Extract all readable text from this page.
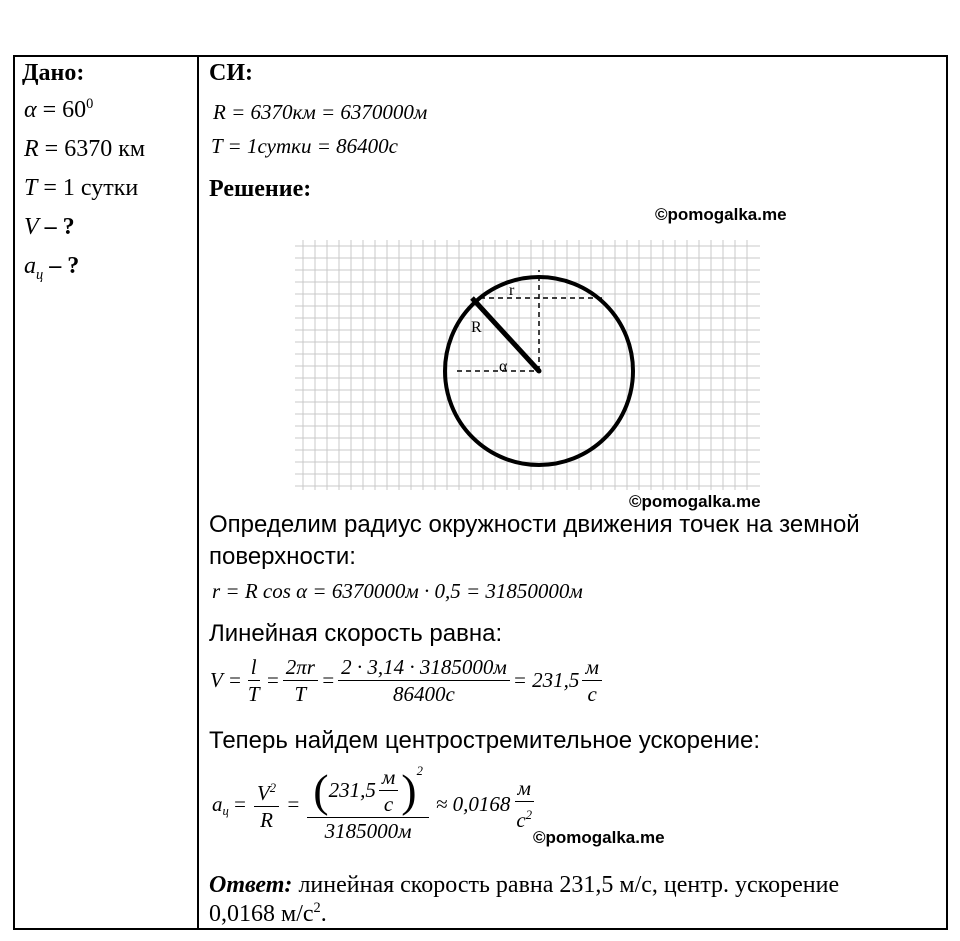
Дано:
$\alpha = 60^0$
R = 6370 км
T = 1 сутки
V – ?
$a_ц$ – ?
СИ:
R = 6370км = 6370000м
T = 1сутки = 86400с
Решение:
©pomogalka.me
r
R
α
©pomogalka.me
Определим радиус окружности движения точек на земной
поверхности:
r = R cos α = 6370000м · 0,5 = 31850000м
Линейная скорость равна:
$V = \frac{l}{T} = \frac{2\pi r}{T} = \frac{2 \cdot 3,14 \cdot 3185000м}{86400с} = 231,5 \frac{м}{с}$
Теперь найдем центростремительное ускорение:
$a_ц = \frac{V^2}{R} = \frac{( 231,5 \frac{м}{с} )^2}{3185000м} \approx 0,0168 \frac{м}{с^2}$
©pomogalka.me
Ответ: линейная скорость равна 231,5 м/с, центр. ускорение
0,0168 $м/с^2$.
